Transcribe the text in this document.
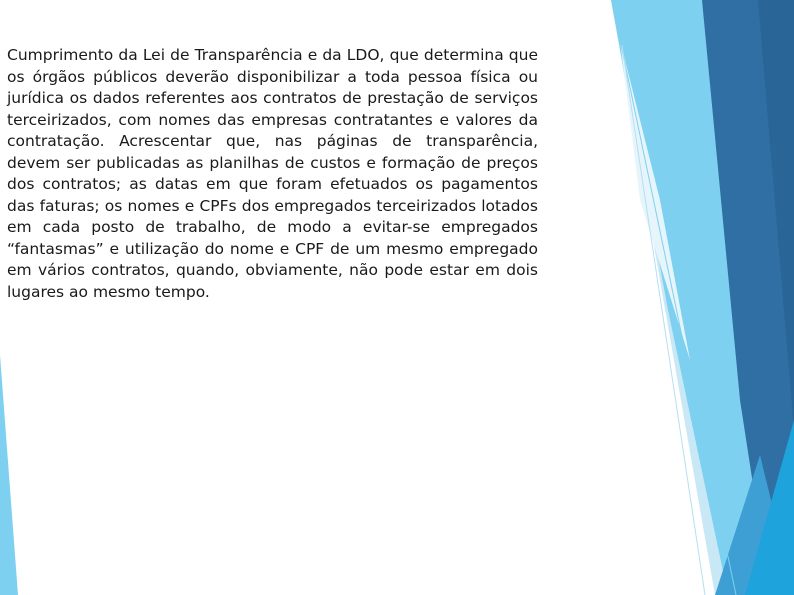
Cumprimento da Lei de Transparência e da LDO, que determina que os órgãos públicos deverão disponibilizar a toda pessoa física ou jurídica os dados referentes aos contratos de prestação de serviços terceirizados, com nomes das empresas contratantes e valores da contratação. Acrescentar que, nas páginas de transparência, devem ser publicadas as planilhas de custos e formação de preços dos contratos; as datas em que foram efetuados os pagamentos das faturas; os nomes e CPFs dos empregados terceirizados lotados em cada posto de trabalho, de modo a evitar-se empregados “fantasmas” e utilização do nome e CPF de um mesmo empregado em vários contratos, quando, obviamente, não pode estar em dois lugares ao mesmo tempo.
